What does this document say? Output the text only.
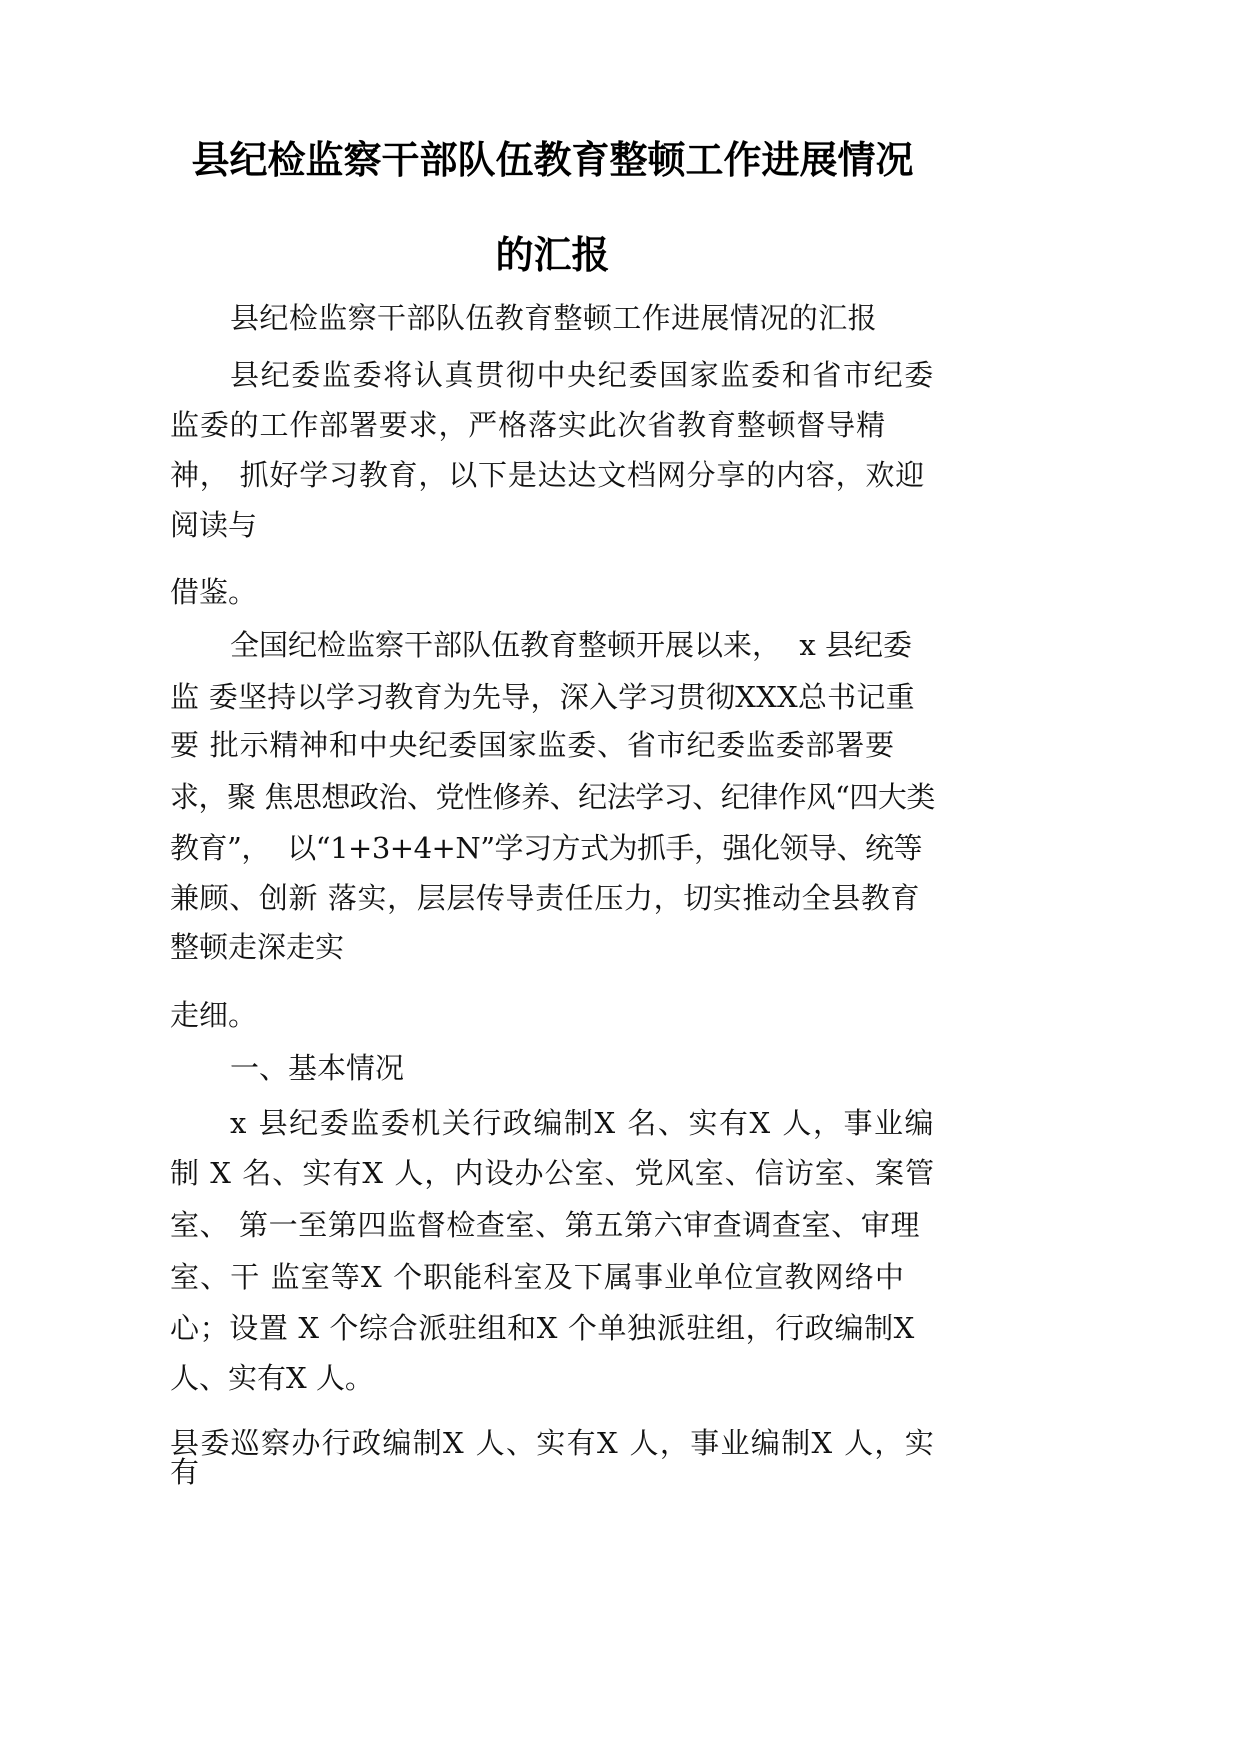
县纪检监察干部队伍教育整顿工作进展情况
的汇报
县纪检监察干部队伍教育整顿工作进展情况的汇报
县纪委监委将认真贯彻中央纪委国家监委和省市纪委
监委的工作部署要求，严格落实此次省教育整顿督导精
神， 抓好学习教育，以下是达达文档网分享的内容，欢迎
阅读与
借鉴。
全国纪检监察干部队伍教育整顿开展以来，  x 县纪委
监 委坚持以学习教育为先导，深入学习贯彻XXX总书记重
要 批示精神和中央纪委国家监委、省市纪委监委部署要
求，聚 焦思想政治、党性修养、纪法学习、纪律作风“四大类
教育”，  以“1+3+4+N”学习方式为抓手，强化领导、统等
兼顾、创新 落实，层层传导责任压力，切实推动全县教育
整顿走深走实
走细。
一、基本情况
x 县纪委监委机关行政编制X 名、实有X 人，事业编
制 X 名、实有X 人，内设办公室、党风室、信访室、案管
室、 第一至第四监督检查室、第五第六审查调查室、审理
室、干 监室等X 个职能科室及下属事业单位宣教网络中
心；设置 X 个综合派驻组和X 个单独派驻组，行政编制X
人、实有X 人。
县委巡察办行政编制X 人、实有X 人，事业编制X 人，实
有
